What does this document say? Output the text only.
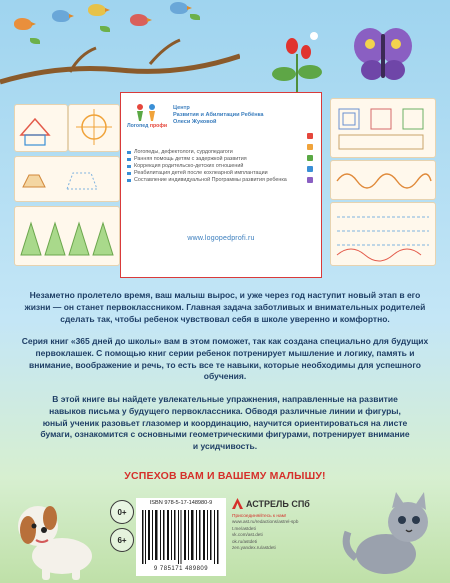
Логопед профи
Центр
Развития и Абилитации Ребёнка
Олеси Жуковой
Логопеды, дефектологи, сурдопедагоги
Ранняя помощь детям с задержкой развития
Коррекция родительско-детских отношений
Реабилитация детей после кохлеарной имплантации
Составление индивидуальной Программы развития ребенка
www.logopedprofi.ru
Незаметно пролетело время, ваш малыш вырос, и уже через год наступит новый этап в его жизни — он станет первоклассником. Главная задача заботливых и внимательных родителей сделать так, чтобы ребенок чувствовал себя в школе уверенно и комфортно.
Серия книг «365 дней до школы» вам в этом поможет, так как создана специально для будущих первоклашек. С помощью книг серии ребенок потренирует мышление и логику, память и внимание, воображение и речь, то есть все те навыки, которые необходимы для успешного обучения.
В этой книге вы найдете увлекательные упражнения, направленные на развитие навыков письма у будущего первоклассника. Обводя различные линии и фигуры, юный ученик разовьет глазомер и координацию, научится ориентироваться на листе бумаги, ознакомится с основными геометрическими фигурами, потренирует внимание и усидчивость.
УСПЕХОВ ВАМ И ВАШЕМУ МАЛЫШУ!
0+
6+
ISBN 978-5-17-148980-9
9 785171 489809
АСТРЕЛЬ СПб
Присоединяйтесь к нам!
www.ast.ru/redactions/astrel-spb
t.me/astdeti
vk.com/ast.deti
ok.ru/astdeti
zen.yandex.ru/astdeti
